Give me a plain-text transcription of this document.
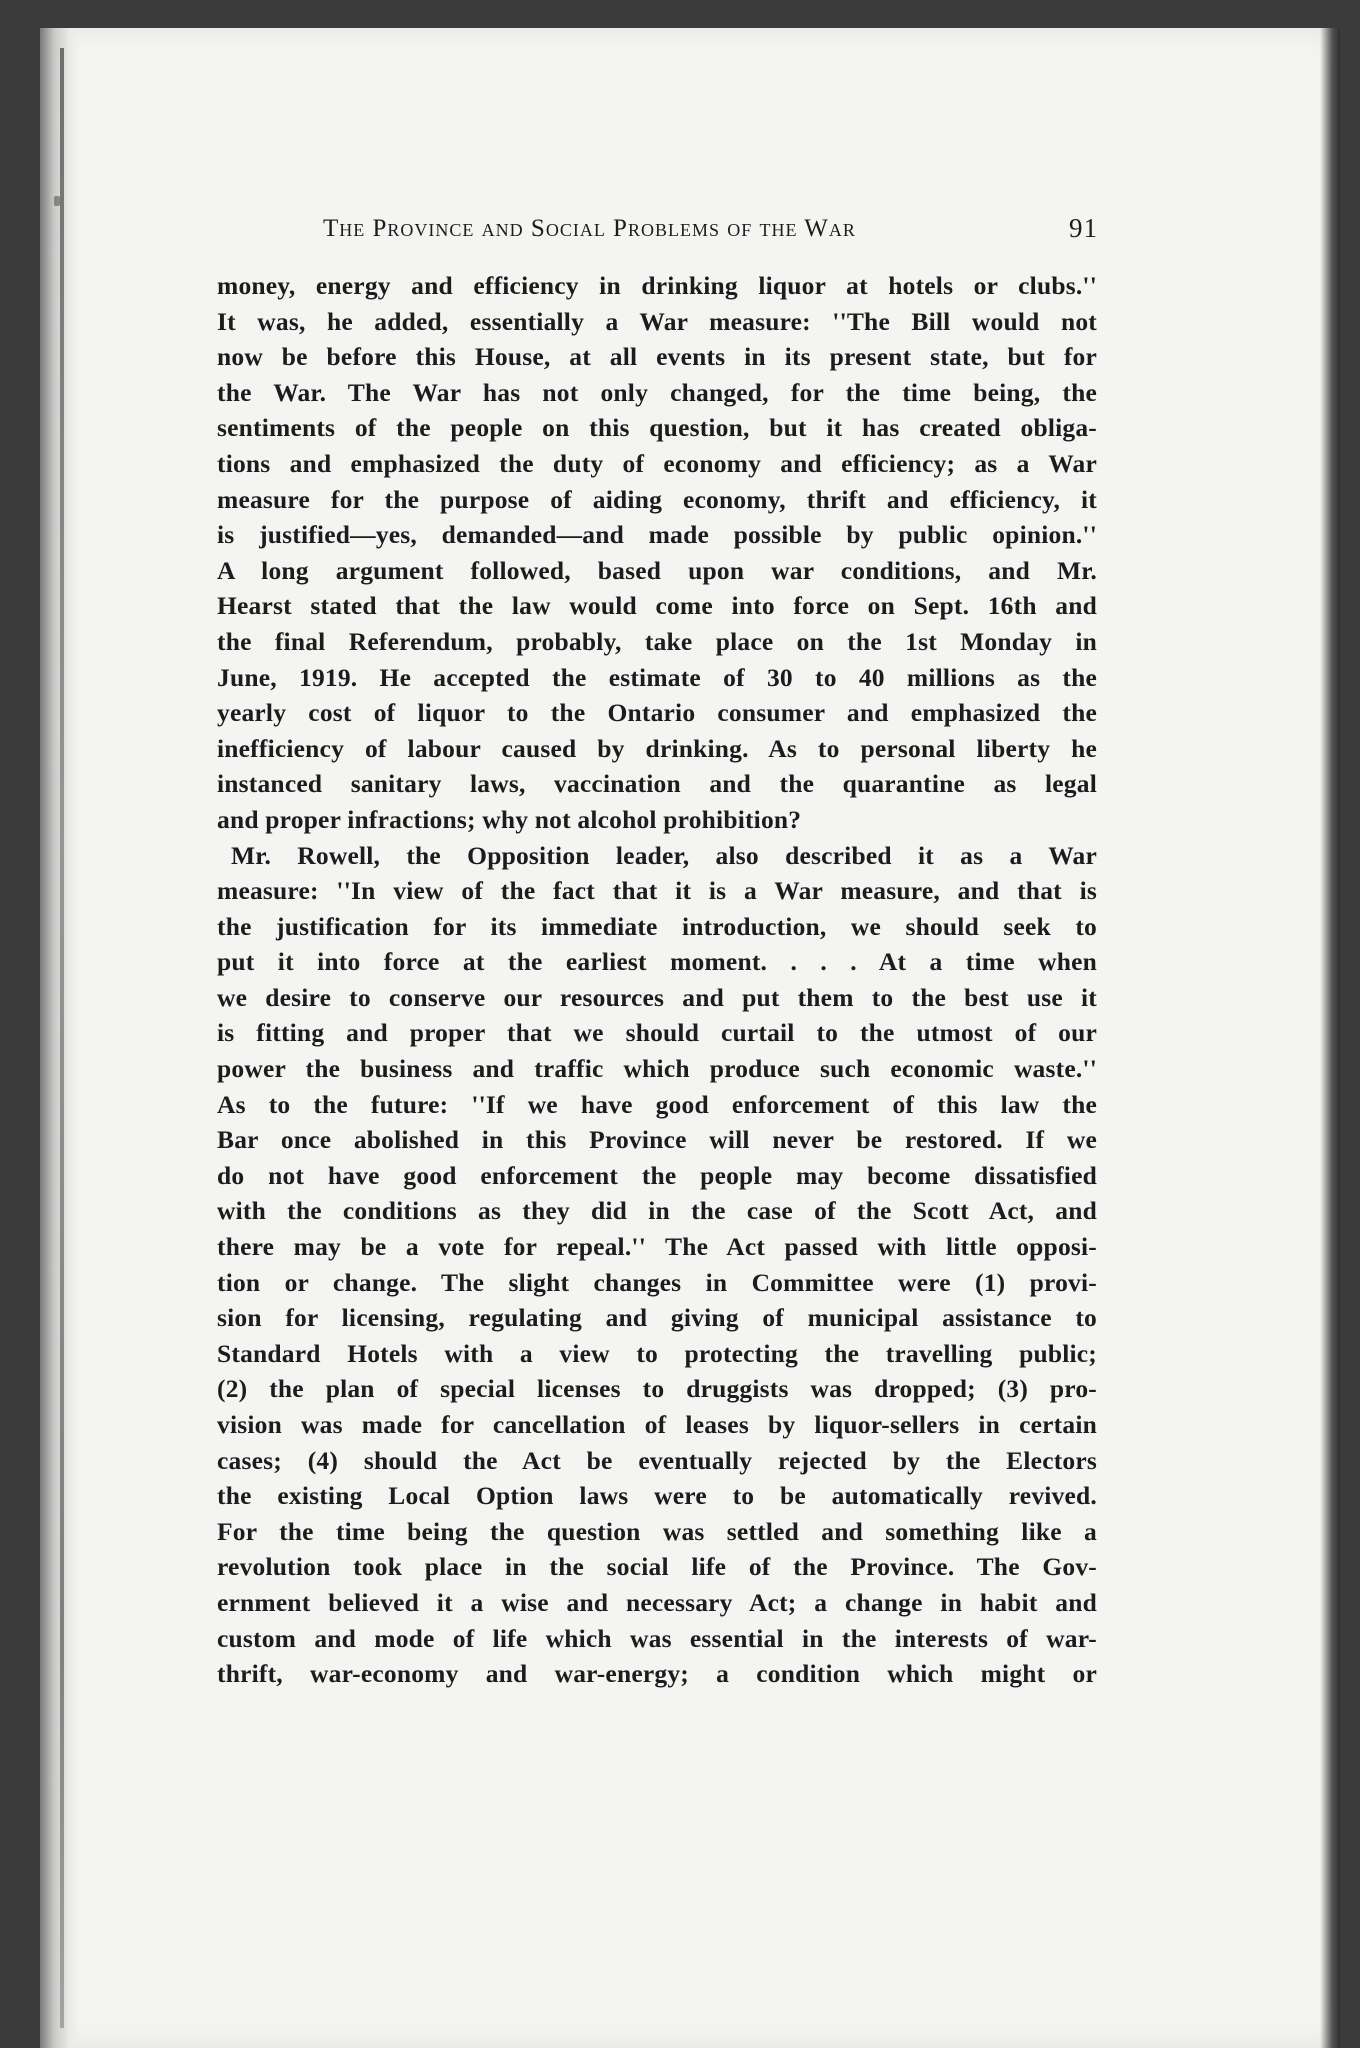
The Province and Social Problems of the War	91
money, energy and efficiency in drinking liquor at hotels or clubs.''
It was, he added, essentially a War measure: ''The Bill would not
now be before this House, at all events in its present state, but for
the War. The War has not only changed, for the time being, the
sentiments of the people on this question, but it has created obliga-
tions and emphasized the duty of economy and efficiency; as a War
measure for the purpose of aiding economy, thrift and efficiency, it
is justified—yes, demanded—and made possible by public opinion.''
A long argument followed, based upon war conditions, and Mr.
Hearst stated that the law would come into force on Sept. 16th and
the final Referendum, probably, take place on the 1st Monday in
June, 1919. He accepted the estimate of 30 to 40 millions as the
yearly cost of liquor to the Ontario consumer and emphasized the
inefficiency of labour caused by drinking. As to personal liberty he
instanced sanitary laws, vaccination and the quarantine as legal
and proper infractions; why not alcohol prohibition?
Mr. Rowell, the Opposition leader, also described it as a War
measure: ''In view of the fact that it is a War measure, and that is
the justification for its immediate introduction, we should seek to
put it into force at the earliest moment. . . . At a time when
we desire to conserve our resources and put them to the best use it
is fitting and proper that we should curtail to the utmost of our
power the business and traffic which produce such economic waste.''
As to the future: ''If we have good enforcement of this law the
Bar once abolished in this Province will never be restored. If we
do not have good enforcement the people may become dissatisfied
with the conditions as they did in the case of the Scott Act, and
there may be a vote for repeal.'' The Act passed with little opposi-
tion or change. The slight changes in Committee were (1) provi-
sion for licensing, regulating and giving of municipal assistance to
Standard Hotels with a view to protecting the travelling public;
(2) the plan of special licenses to druggists was dropped; (3) pro-
vision was made for cancellation of leases by liquor-sellers in certain
cases; (4) should the Act be eventually rejected by the Electors
the existing Local Option laws were to be automatically revived.
For the time being the question was settled and something like a
revolution took place in the social life of the Province. The Gov-
ernment believed it a wise and necessary Act; a change in habit and
custom and mode of life which was essential in the interests of war-
thrift, war-economy and war-energy; a condition which might or
